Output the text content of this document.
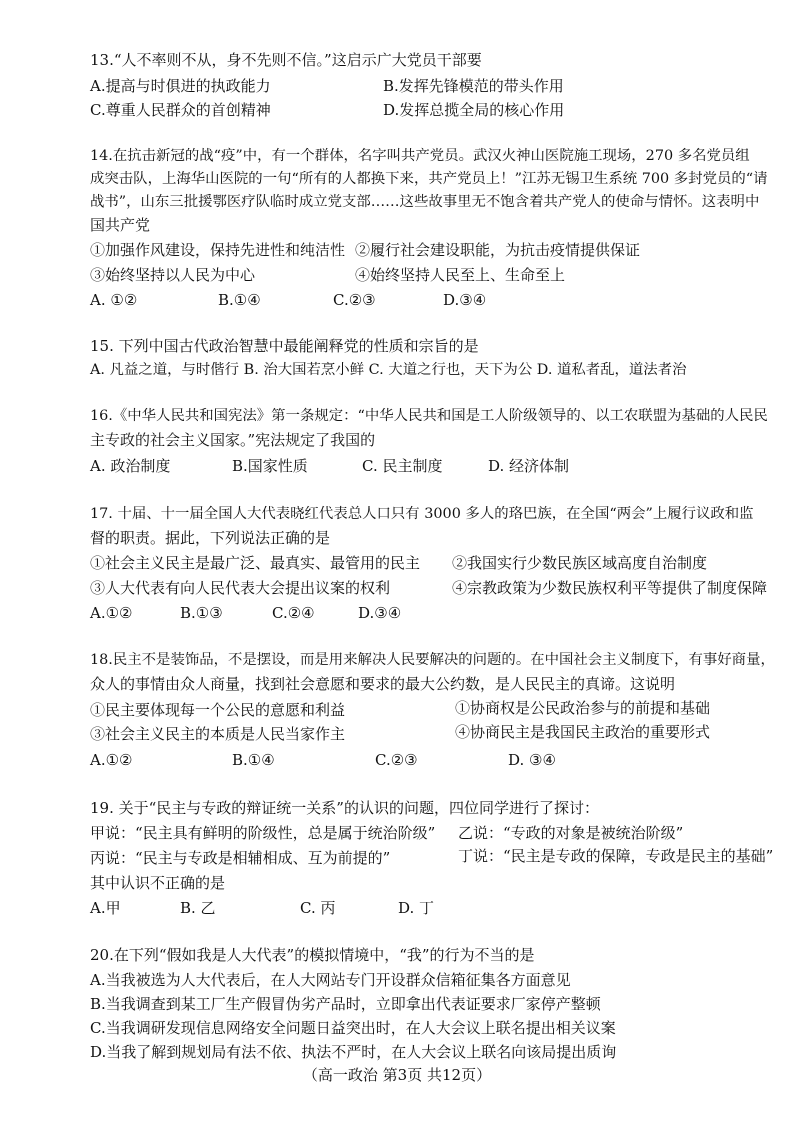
13.“人不率则不从，身不先则不信。”这启示广大党员干部要
A.提高与时俱进的执政能力	B.发挥先锋模范的带头作用
C.尊重人民群众的首创精神	D.发挥总揽全局的核心作用
14.在抗击新冠的战“疫”中，有一个群体，名字叫共产党员。武汉火神山医院施工现场，270 多名党员组
成突击队，上海华山医院的一句“所有的人都换下来，共产党员上！”江苏无锡卫生系统 700 多封党员的“请
战书”，山东三批援鄂医疗队临时成立党支部……这些故事里无不饱含着共产党人的使命与情怀。这表明中
国共产党
①加强作风建设，保持先进性和纯洁性 ②履行社会建设职能，为抗击疫情提供保证
③始终坚持以人民为中心	④始终坚持人民至上、生命至上
A. ①②	B.①④	C.②③	D.③④
15. 下列中国古代政治智慧中最能阐释党的性质和宗旨的是
A. 凡益之道，与时偕行 B. 治大国若烹小鲜 C. 大道之行也，天下为公 D. 道私者乱，道法者治
16.《中华人民共和国宪法》第一条规定：“中华人民共和国是工人阶级领导的、以工农联盟为基础的人民民
主专政的社会主义国家。”宪法规定了我国的
A. 政治制度	B.国家性质	C. 民主制度	D. 经济体制
17. 十届、十一届全国人大代表晓红代表总人口只有 3000 多人的珞巴族，在全国“两会”上履行议政和监
督的职责。据此，下列说法正确的是
①社会主义民主是最广泛、最真实、最管用的民主 ②我国实行少数民族区域高度自治制度
③人大代表有向人民代表大会提出议案的权利	④宗教政策为少数民族权利平等提供了制度保障
A.①②	B.①③	C.②④	D.③④
18.民主不是装饰品，不是摆设，而是用来解决人民要解决的问题的。在中国社会主义制度下，有事好商量，
众人的事情由众人商量，找到社会意愿和要求的最大公约数，是人民民主的真谛。这说明
①民主要体现每一个公民的意愿和利益	①协商权是公民政治参与的前提和基础
③社会主义民主的本质是人民当家作主	④协商民主是我国民主政治的重要形式
A.①②	B.①④	C.②③	D. ③④
19. 关于“民主与专政的辩证统一关系”的认识的问题，四位同学进行了探讨：
甲说：“民主具有鲜明的阶级性，总是属于统治阶级” 乙说：“专政的对象是被统治阶级”
丙说：“民主与专政是相辅相成、互为前提的”	丁说：“民主是专政的保障，专政是民主的基础”
其中认识不正确的是
A.甲	B. 乙	C. 丙	D. 丁
20.在下列“假如我是人大代表”的模拟情境中，“我”的行为不当的是
A.当我被选为人大代表后，在人大网站专门开设群众信箱征集各方面意见
B.当我调查到某工厂生产假冒伪劣产品时，立即拿出代表证要求厂家停产整顿
C.当我调研发现信息网络安全问题日益突出时，在人大会议上联名提出相关议案
D.当我了解到规划局有法不依、执法不严时，在人大会议上联名向该局提出质询
（高一政治 第3页 共12页）
